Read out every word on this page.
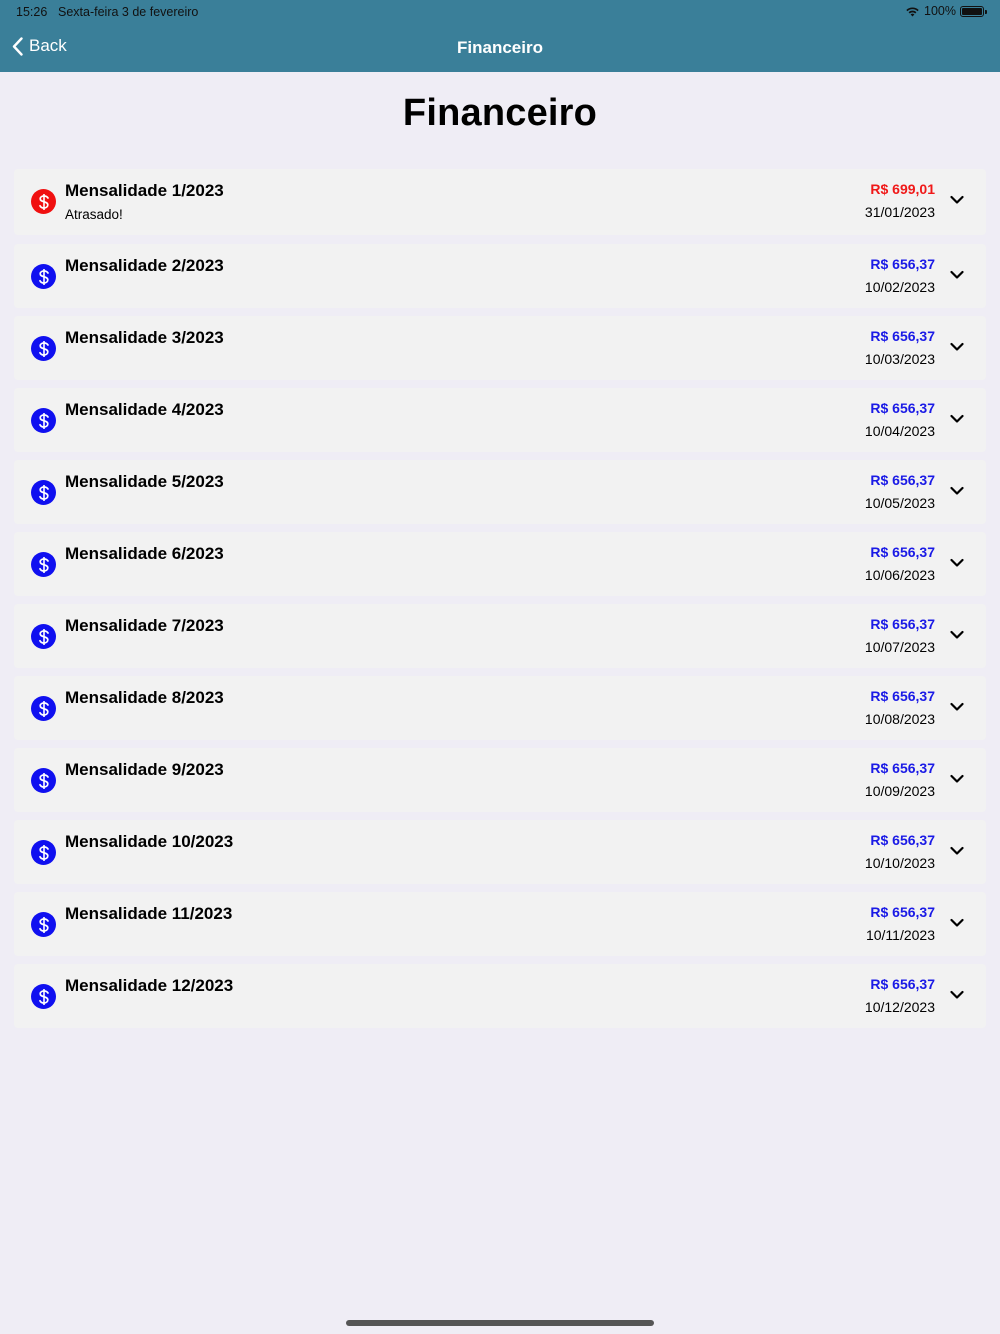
15:26 Sexta-feira 3 de fevereiro	100%
Back	Financeiro
Financeiro
Mensalidade 1/2023
Atrasado!
R$ 699,01
31/01/2023
Mensalidade 2/2023	R$ 656,37
10/02/2023
Mensalidade 3/2023	R$ 656,37
10/03/2023
Mensalidade 4/2023	R$ 656,37
10/04/2023
Mensalidade 5/2023	R$ 656,37
10/05/2023
Mensalidade 6/2023	R$ 656,37
10/06/2023
Mensalidade 7/2023	R$ 656,37
10/07/2023
Mensalidade 8/2023	R$ 656,37
10/08/2023
Mensalidade 9/2023	R$ 656,37
10/09/2023
Mensalidade 10/2023	R$ 656,37
10/10/2023
Mensalidade 11/2023	R$ 656,37
10/11/2023
Mensalidade 12/2023	R$ 656,37
10/12/2023
